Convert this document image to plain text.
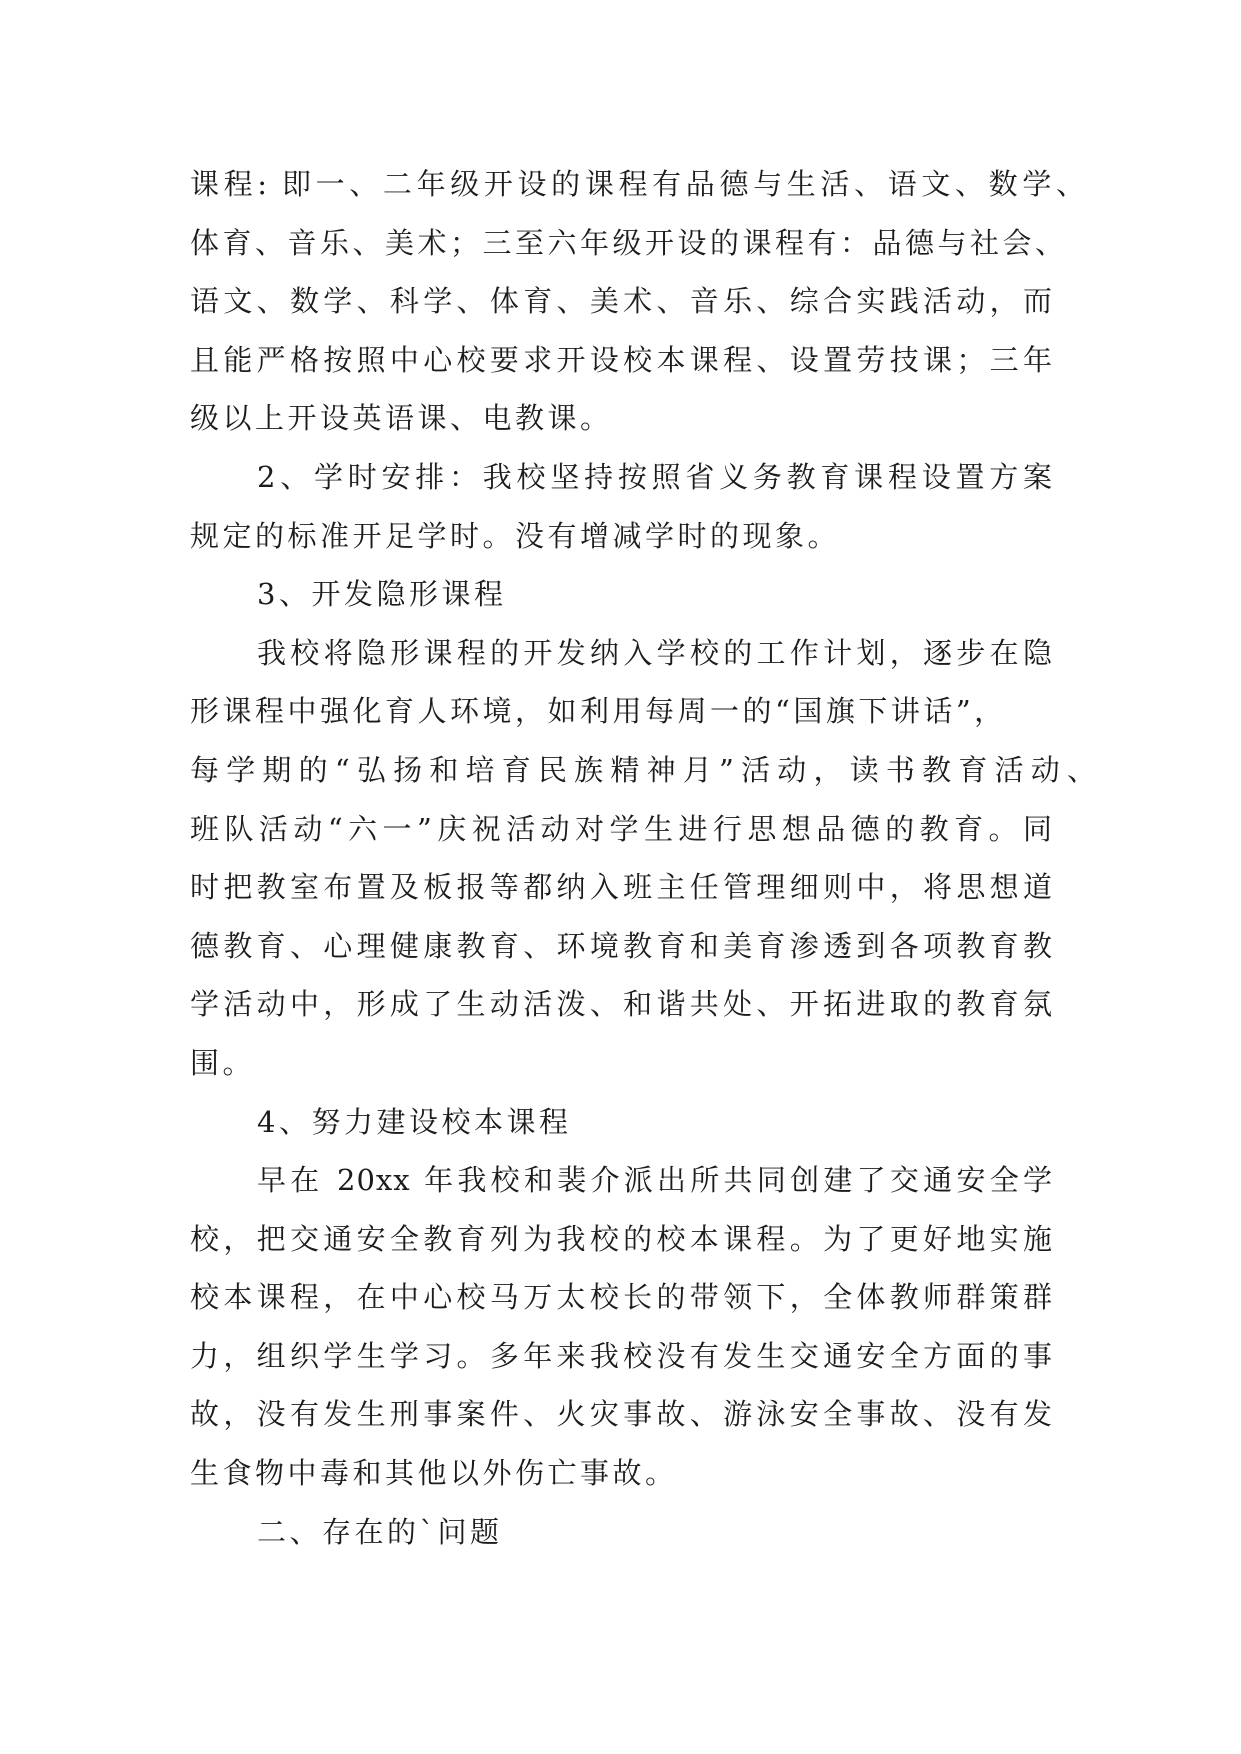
课程: 即一、二年级开设的课程有品德与生活、语文、数学、
体育、音乐、美术；三至六年级开设的课程有：品德与社会、
语文、数学、科学、体育、美术、音乐、综合实践活动，而
且能严格按照中心校要求开设校本课程、设置劳技课；三年
级以上开设英语课、电教课。
2、学时安排：我校坚持按照省义务教育课程设置方案
规定的标准开足学时。没有增减学时的现象。
3、开发隐形课程
我校将隐形课程的开发纳入学校的工作计划，逐步在隐
形课程中强化育人环境，如利用每周一的“国旗下讲话”，
每学期的“弘扬和培育民族精神月”活动，读书教育活动、
班队活动“六一”庆祝活动对学生进行思想品德的教育。同
时把教室布置及板报等都纳入班主任管理细则中，将思想道
德教育、心理健康教育、环境教育和美育渗透到各项教育教
学活动中，形成了生动活泼、和谐共处、开拓进取的教育氛
围。
4、努力建设校本课程
早在 20xx 年我校和裴介派出所共同创建了交通安全学
校，把交通安全教育列为我校的校本课程。为了更好地实施
校本课程，在中心校马万太校长的带领下，全体教师群策群
力，组织学生学习。多年来我校没有发生交通安全方面的事
故，没有发生刑事案件、火灾事故、游泳安全事故、没有发
生食物中毒和其他以外伤亡事故。
二、存在的`问题
